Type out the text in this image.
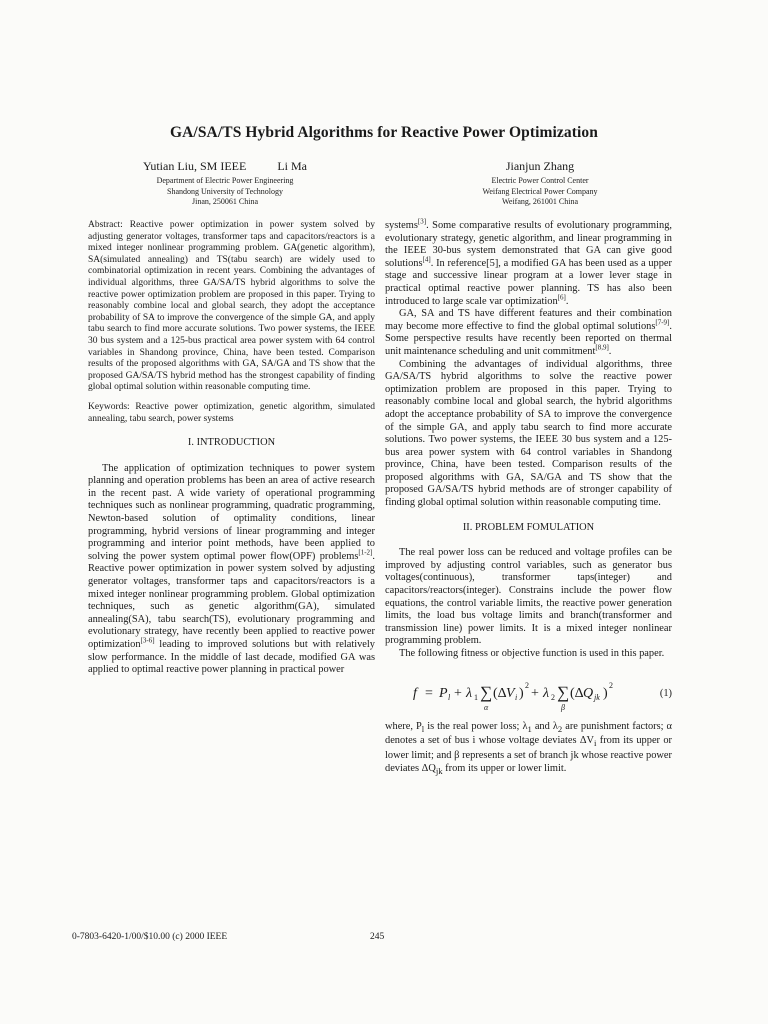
GA/SA/TS Hybrid Algorithms for Reactive Power Optimization
Yutian Liu, SM IEEE	Li Ma
Department of Electric Power Engineering
Shandong University of Technology
Jinan, 250061 China
Jianjun Zhang
Electric Power Control Center
Weifang Electrical Power Company
Weifang, 261001 China

Abstract: Reactive power optimization in power system solved by adjusting generator voltages, transformer taps and capacitors/reactors is a mixed integer nonlinear programming problem. GA(genetic algorithm), SA(simulated annealing) and TS(tabu search) are widely used to combinatorial optimization in recent years. Combining the advantages of individual algorithms, three GA/SA/TS hybrid algorithms to solve the reactive power optimization problem are proposed in this paper. Trying to reasonably combine local and global search, they adopt the acceptance probability of SA to improve the convergence of the simple GA, and apply tabu search to find more accurate solutions. Two power systems, the IEEE 30 bus system and a 125-bus practical area power system with 64 control variables in Shandong province, China, have been tested. Comparison results of the proposed algorithms with GA, SA/GA and TS show that the proposed GA/SA/TS hybrid method has the strongest capability of finding global optimal solution within reasonable computing time.

Keywords: Reactive power optimization, genetic algorithm, simulated annealing, tabu search, power systems

I. INTRODUCTION

The application of optimization techniques to power system planning and operation problems has been an area of active research in the recent past. A wide variety of operational programming techniques such as nonlinear programming, quadratic programming, Newton-based solution of optimality conditions, linear programming, hybrid versions of linear programming and integer programming and interior point methods, have been applied to solving the power system optimal power flow(OPF) problems[1-2]. Reactive power optimization in power system solved by adjusting generator voltages, transformer taps and capacitors/reactors is a mixed integer nonlinear programming problem. Global optimization techniques, such as genetic algorithm(GA), simulated annealing(SA), tabu search(TS), evolutionary programming and evolutionary strategy, have recently been applied to reactive power optimization[3-6] leading to improved solutions but with relatively slow performance. In the middle of last decade, modified GA was applied to optimal reactive power planning in practical power

systems[3]. Some comparative results of evolutionary programming, evolutionary strategy, genetic algorithm, and linear programming in the IEEE 30-bus system demonstrated that GA can give good solutions[4]. In reference[5], a modified GA has been used as a upper stage and successive linear program at a lower lever stage in practical optimal reactive power planning. TS has also been introduced to large scale var optimization[6].

GA, SA and TS have different features and their combination may become more effective to find the global optimal solutions[7-9]. Some perspective results have recently been reported on thermal unit maintenance scheduling and unit commitment[8,9].

Combining the advantages of individual algorithms, three GA/SA/TS hybrid algorithms to solve the reactive power optimization problem are proposed in this paper. Trying to reasonably combine local and global search, the hybrid algorithms adopt the acceptance probability of SA to improve the convergence of the simple GA, and apply tabu search to find more accurate solutions. Two power systems, the IEEE 30 bus system and a 125-bus area power system with 64 control variables in Shandong province, China, have been tested. Comparison results of the proposed algorithms with GA, SA/GA and TS show that the proposed GA/SA/TS hybrid methods are of stronger capability of finding global optimal solution within reasonable computing time.

II. PROBLEM FOMULATION

The real power loss can be reduced and voltage profiles can be improved by adjusting control variables, such as generator bus voltages(continuous), transformer taps(integer) and capacitors/reactors(integer). Constrains include the power flow equations, the control variable limits, the reactive power generation limits, the load bus voltage limits and branch(transformer and transmission line) power limits. It is a mixed integer nonlinear programming problem.

The following fitness or objective function is used in this paper.

f = P l + λ 1 ∑
α
(Δ V i )
2
+ λ 2 ∑
β
(Δ Q jk )
2
(1)

where, $P_l$ is the real power loss; $\lambda_1$ and $\lambda_2$ are punishment factors; α denotes a set of bus i whose voltage deviates $\Delta V_i$ from its upper or lower limit; and β represents a set of branch jk whose reactive power deviates $\Delta Q_{jk}$ from its upper or lower limit.

0-7803-6420-1/00/$10.00 (c) 2000 IEEE	245
